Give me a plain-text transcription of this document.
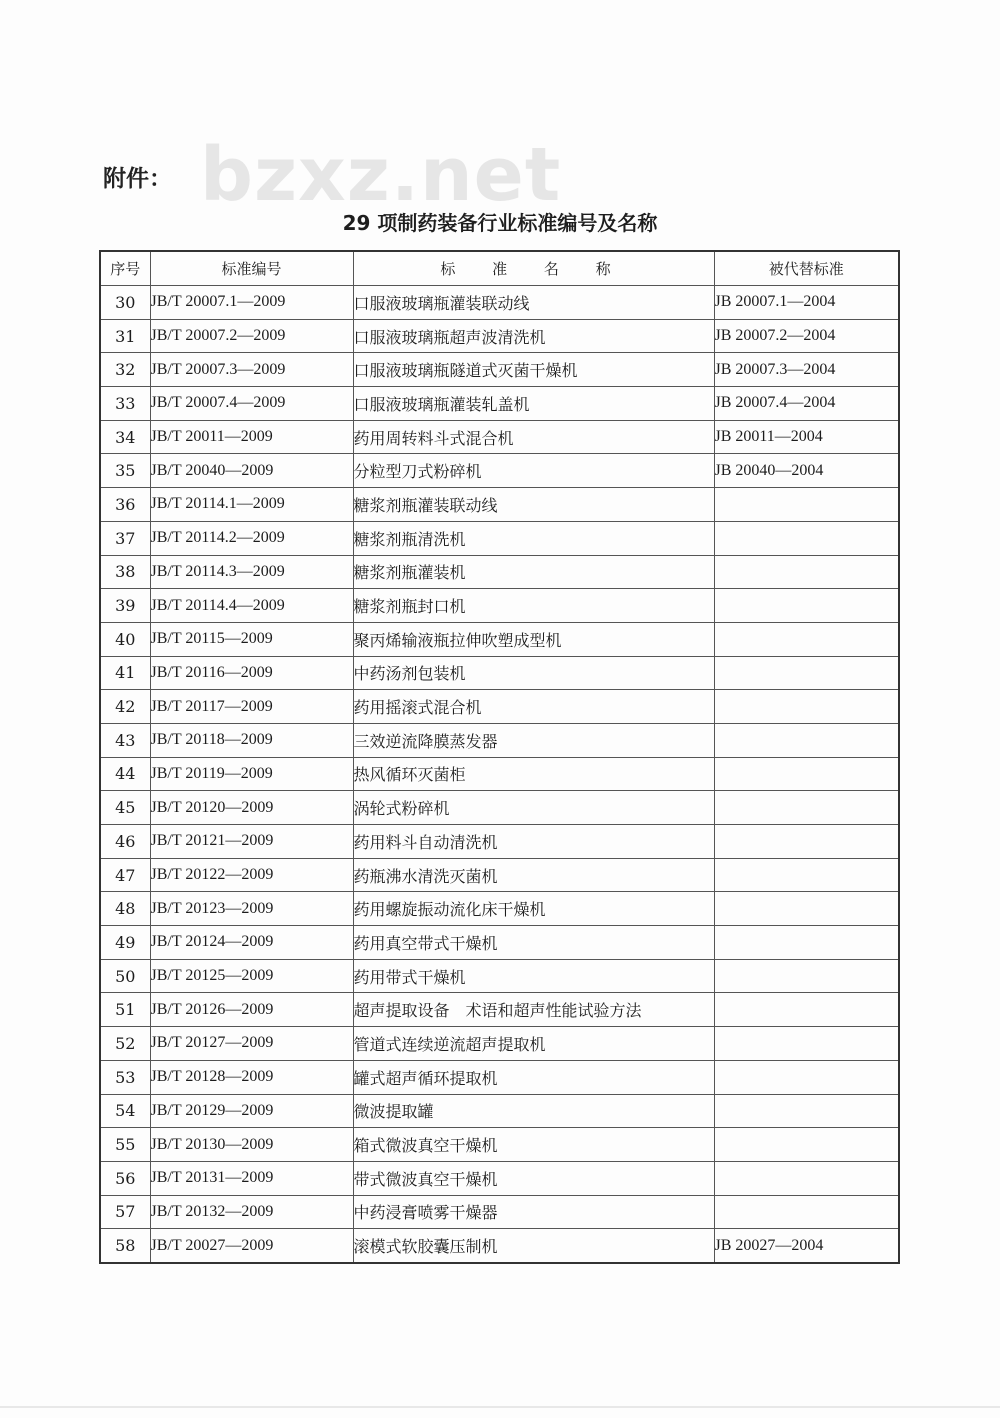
bzxz.net
附件：
29 项制药装备行业标准编号及名称
序号	标准编号	标 准 名 称	被代替标准
30	JB/T 20007.1—2009	口服液玻璃瓶灌装联动线	JB 20007.1—2004
31	JB/T 20007.2—2009	口服液玻璃瓶超声波清洗机	JB 20007.2—2004
32	JB/T 20007.3—2009	口服液玻璃瓶隧道式灭菌干燥机	JB 20007.3—2004
33	JB/T 20007.4—2009	口服液玻璃瓶灌装轧盖机	JB 20007.4—2004
34	JB/T 20011—2009	药用周转料斗式混合机	JB 20011—2004
35	JB/T 20040—2009	分粒型刀式粉碎机	JB 20040—2004
36	JB/T 20114.1—2009	糖浆剂瓶灌装联动线	
37	JB/T 20114.2—2009	糖浆剂瓶清洗机	
38	JB/T 20114.3—2009	糖浆剂瓶灌装机	
39	JB/T 20114.4—2009	糖浆剂瓶封口机	
40	JB/T 20115—2009	聚丙烯输液瓶拉伸吹塑成型机	
41	JB/T 20116—2009	中药汤剂包装机	
42	JB/T 20117—2009	药用摇滚式混合机	
43	JB/T 20118—2009	三效逆流降膜蒸发器	
44	JB/T 20119—2009	热风循环灭菌柜	
45	JB/T 20120—2009	涡轮式粉碎机	
46	JB/T 20121—2009	药用料斗自动清洗机	
47	JB/T 20122—2009	药瓶沸水清洗灭菌机	
48	JB/T 20123—2009	药用螺旋振动流化床干燥机	
49	JB/T 20124—2009	药用真空带式干燥机	
50	JB/T 20125—2009	药用带式干燥机	
51	JB/T 20126—2009	超声提取设备　术语和超声性能试验方法	
52	JB/T 20127—2009	管道式连续逆流超声提取机	
53	JB/T 20128—2009	罐式超声循环提取机	
54	JB/T 20129—2009	微波提取罐	
55	JB/T 20130—2009	箱式微波真空干燥机	
56	JB/T 20131—2009	带式微波真空干燥机	
57	JB/T 20132—2009	中药浸膏喷雾干燥器	
58	JB/T 20027—2009	滚模式软胶囊压制机	JB 20027—2004
